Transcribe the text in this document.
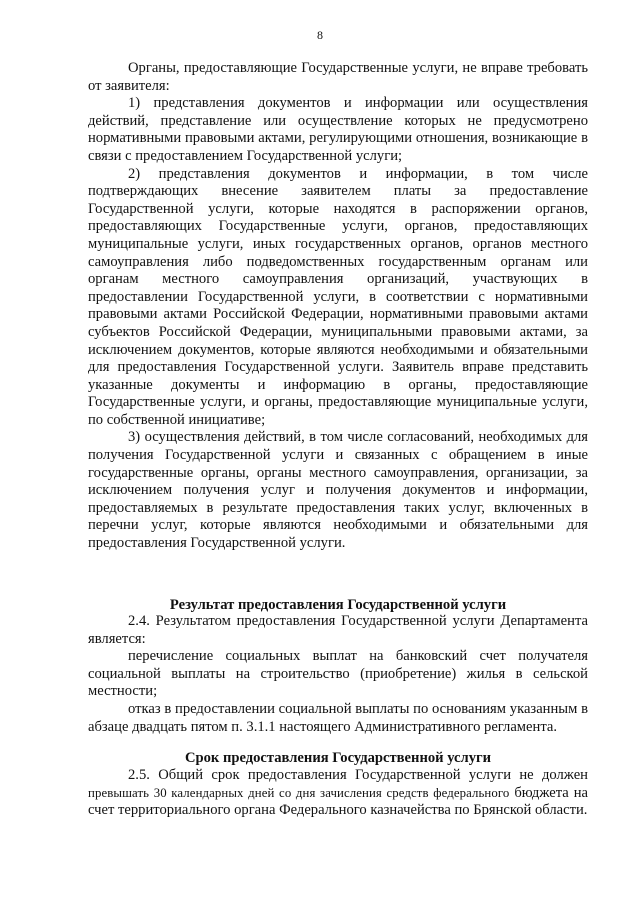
8

Органы, предоставляющие Государственные услуги, не вправе требовать от заявителя:

1) представления документов и информации или осуществления действий, представление или осуществление которых не предусмотрено нормативными правовыми актами, регулирующими отношения, возникающие в связи с предоставлением Государственной услуги;

2) представления документов и информации, в том числе подтверждающих внесение заявителем платы за предоставление Государственной услуги, которые находятся в распоряжении органов, предоставляющих Государственные услуги, органов, предоставляющих муниципальные услуги, иных государственных органов, органов местного самоуправления либо подведомственных государственным органам или органам местного самоуправления организаций, участвующих в предоставлении Государственной услуги, в соответствии с нормативными правовыми актами Российской Федерации, нормативными правовыми актами субъектов Российской Федерации, муниципальными правовыми актами, за исключением документов, которые являются необходимыми и обязательными для предоставления Государственной услуги. Заявитель вправе представить указанные документы и информацию в органы, предоставляющие Государственные услуги, и органы, предоставляющие муниципальные услуги, по собственной инициативе;

3) осуществления действий, в том числе согласований, необходимых для получения Государственной услуги и связанных с обращением в иные государственные органы, органы местного самоуправления, организации, за исключением получения услуг и получения документов и информации, предоставляемых в результате предоставления таких услуг, включенных в перечни услуг, которые являются необходимыми и обязательными для предоставления Государственной услуги.

Результат предоставления Государственной услуги

2.4. Результатом предоставления Государственной услуги Департамента является:

перечисление социальных выплат на банковский счет получателя социальной выплаты на строительство (приобретение) жилья в сельской местности;

отказ в предоставлении социальной выплаты по основаниям указанным в абзаце двадцать пятом п. 3.1.1 настоящего Административного регламента.

Срок предоставления Государственной услуги

2.5. Общий срок предоставления Государственной услуги не должен превышать 30 календарных дней со дня зачисления средств федерального бюджета на счет территориального органа Федерального казначейства по Брянской области.
